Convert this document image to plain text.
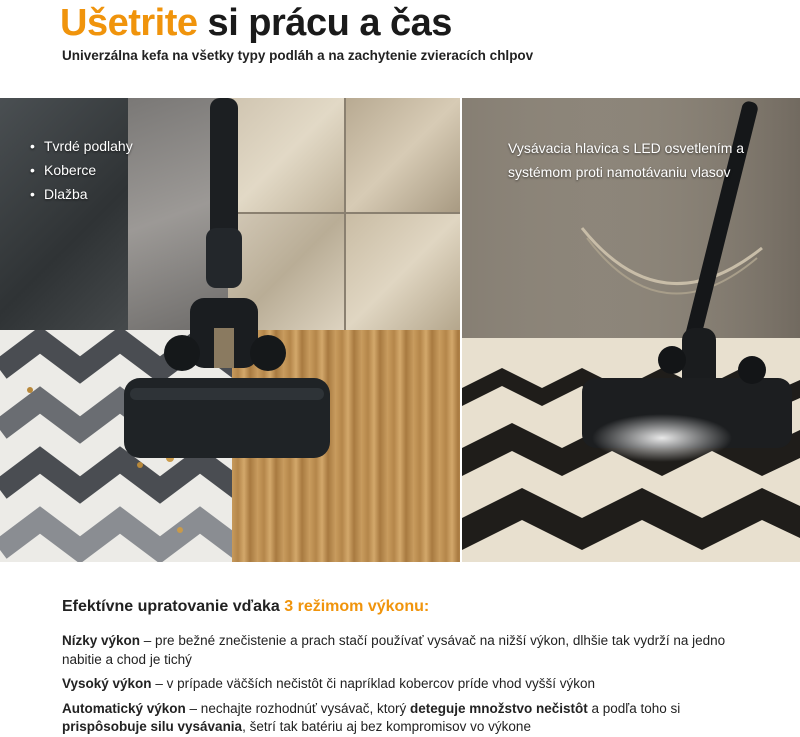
Ušetrite si prácu a čas
Univerzálna kefa na všetky typy podláh a na zachytenie zvieracích chlpov
• Tvrdé podlahy
• Koberce
• Dlažba
Vysávacia hlavica s LED osvetlením a systémom proti namotávaniu vlasov
Efektívne upratovanie vďaka 3 režimom výkonu:
Nízky výkon – pre bežné znečistenie a prach stačí používať vysávač na nižší výkon, dlhšie tak vydrží na jedno nabitie a chod je tichý
Vysoký výkon – v prípade väčších nečistôt či napríklad kobercov príde vhod vyšší výkon
Automatický výkon – nechajte rozhodnúť vysávač, ktorý deteguje množstvo nečistôt a podľa toho si prispôsobuje silu vysávania, šetrí tak batériu aj bez kompromisov vo výkone
